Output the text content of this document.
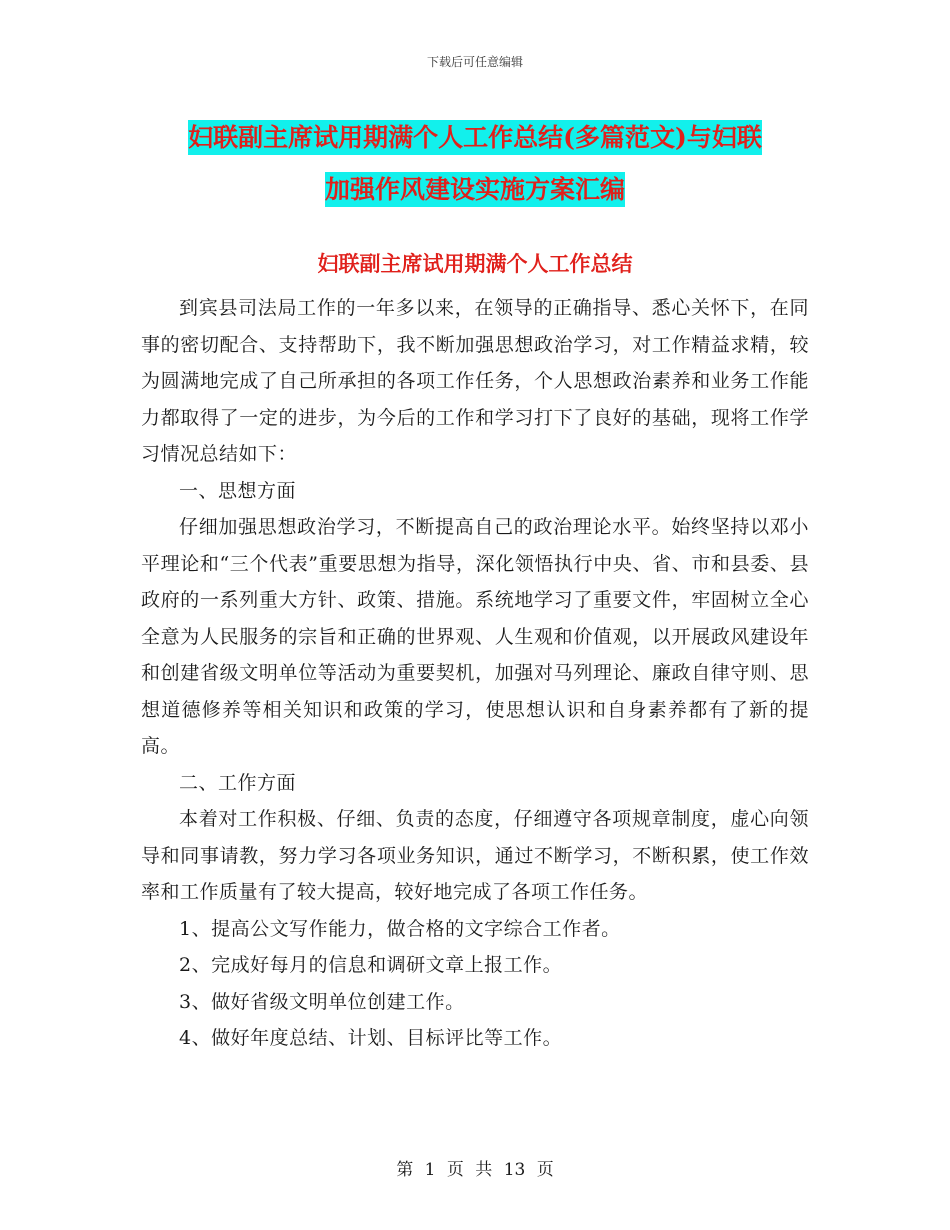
下载后可任意编辑
妇联副主席试用期满个人工作总结(多篇范文)与妇联
加强作风建设实施方案汇编
妇联副主席试用期满个人工作总结

到宾县司法局工作的一年多以来，在领导的正确指导、悉心关怀下，在同事的密切配合、支持帮助下，我不断加强思想政治学习，对工作精益求精，较为圆满地完成了自己所承担的各项工作任务，个人思想政治素养和业务工作能力都取得了一定的进步，为今后的工作和学习打下了良好的基础，现将工作学习情况总结如下：

一、思想方面

仔细加强思想政治学习，不断提高自己的政治理论水平。始终坚持以邓小平理论和“三个代表”重要思想为指导，深化领悟执行中央、省、市和县委、县政府的一系列重大方针、政策、措施。系统地学习了重要文件，牢固树立全心全意为人民服务的宗旨和正确的世界观、人生观和价值观，以开展政风建设年和创建省级文明单位等活动为重要契机，加强对马列理论、廉政自律守则、思想道德修养等相关知识和政策的学习，使思想认识和自身素养都有了新的提高。

二、工作方面

本着对工作积极、仔细、负责的态度，仔细遵守各项规章制度，虚心向领导和同事请教，努力学习各项业务知识，通过不断学习，不断积累，使工作效率和工作质量有了较大提高，较好地完成了各项工作任务。

1、提高公文写作能力，做合格的文字综合工作者。

2、完成好每月的信息和调研文章上报工作。

3、做好省级文明单位创建工作。

4、做好年度总结、计划、目标评比等工作。

第 1 页 共 13 页
